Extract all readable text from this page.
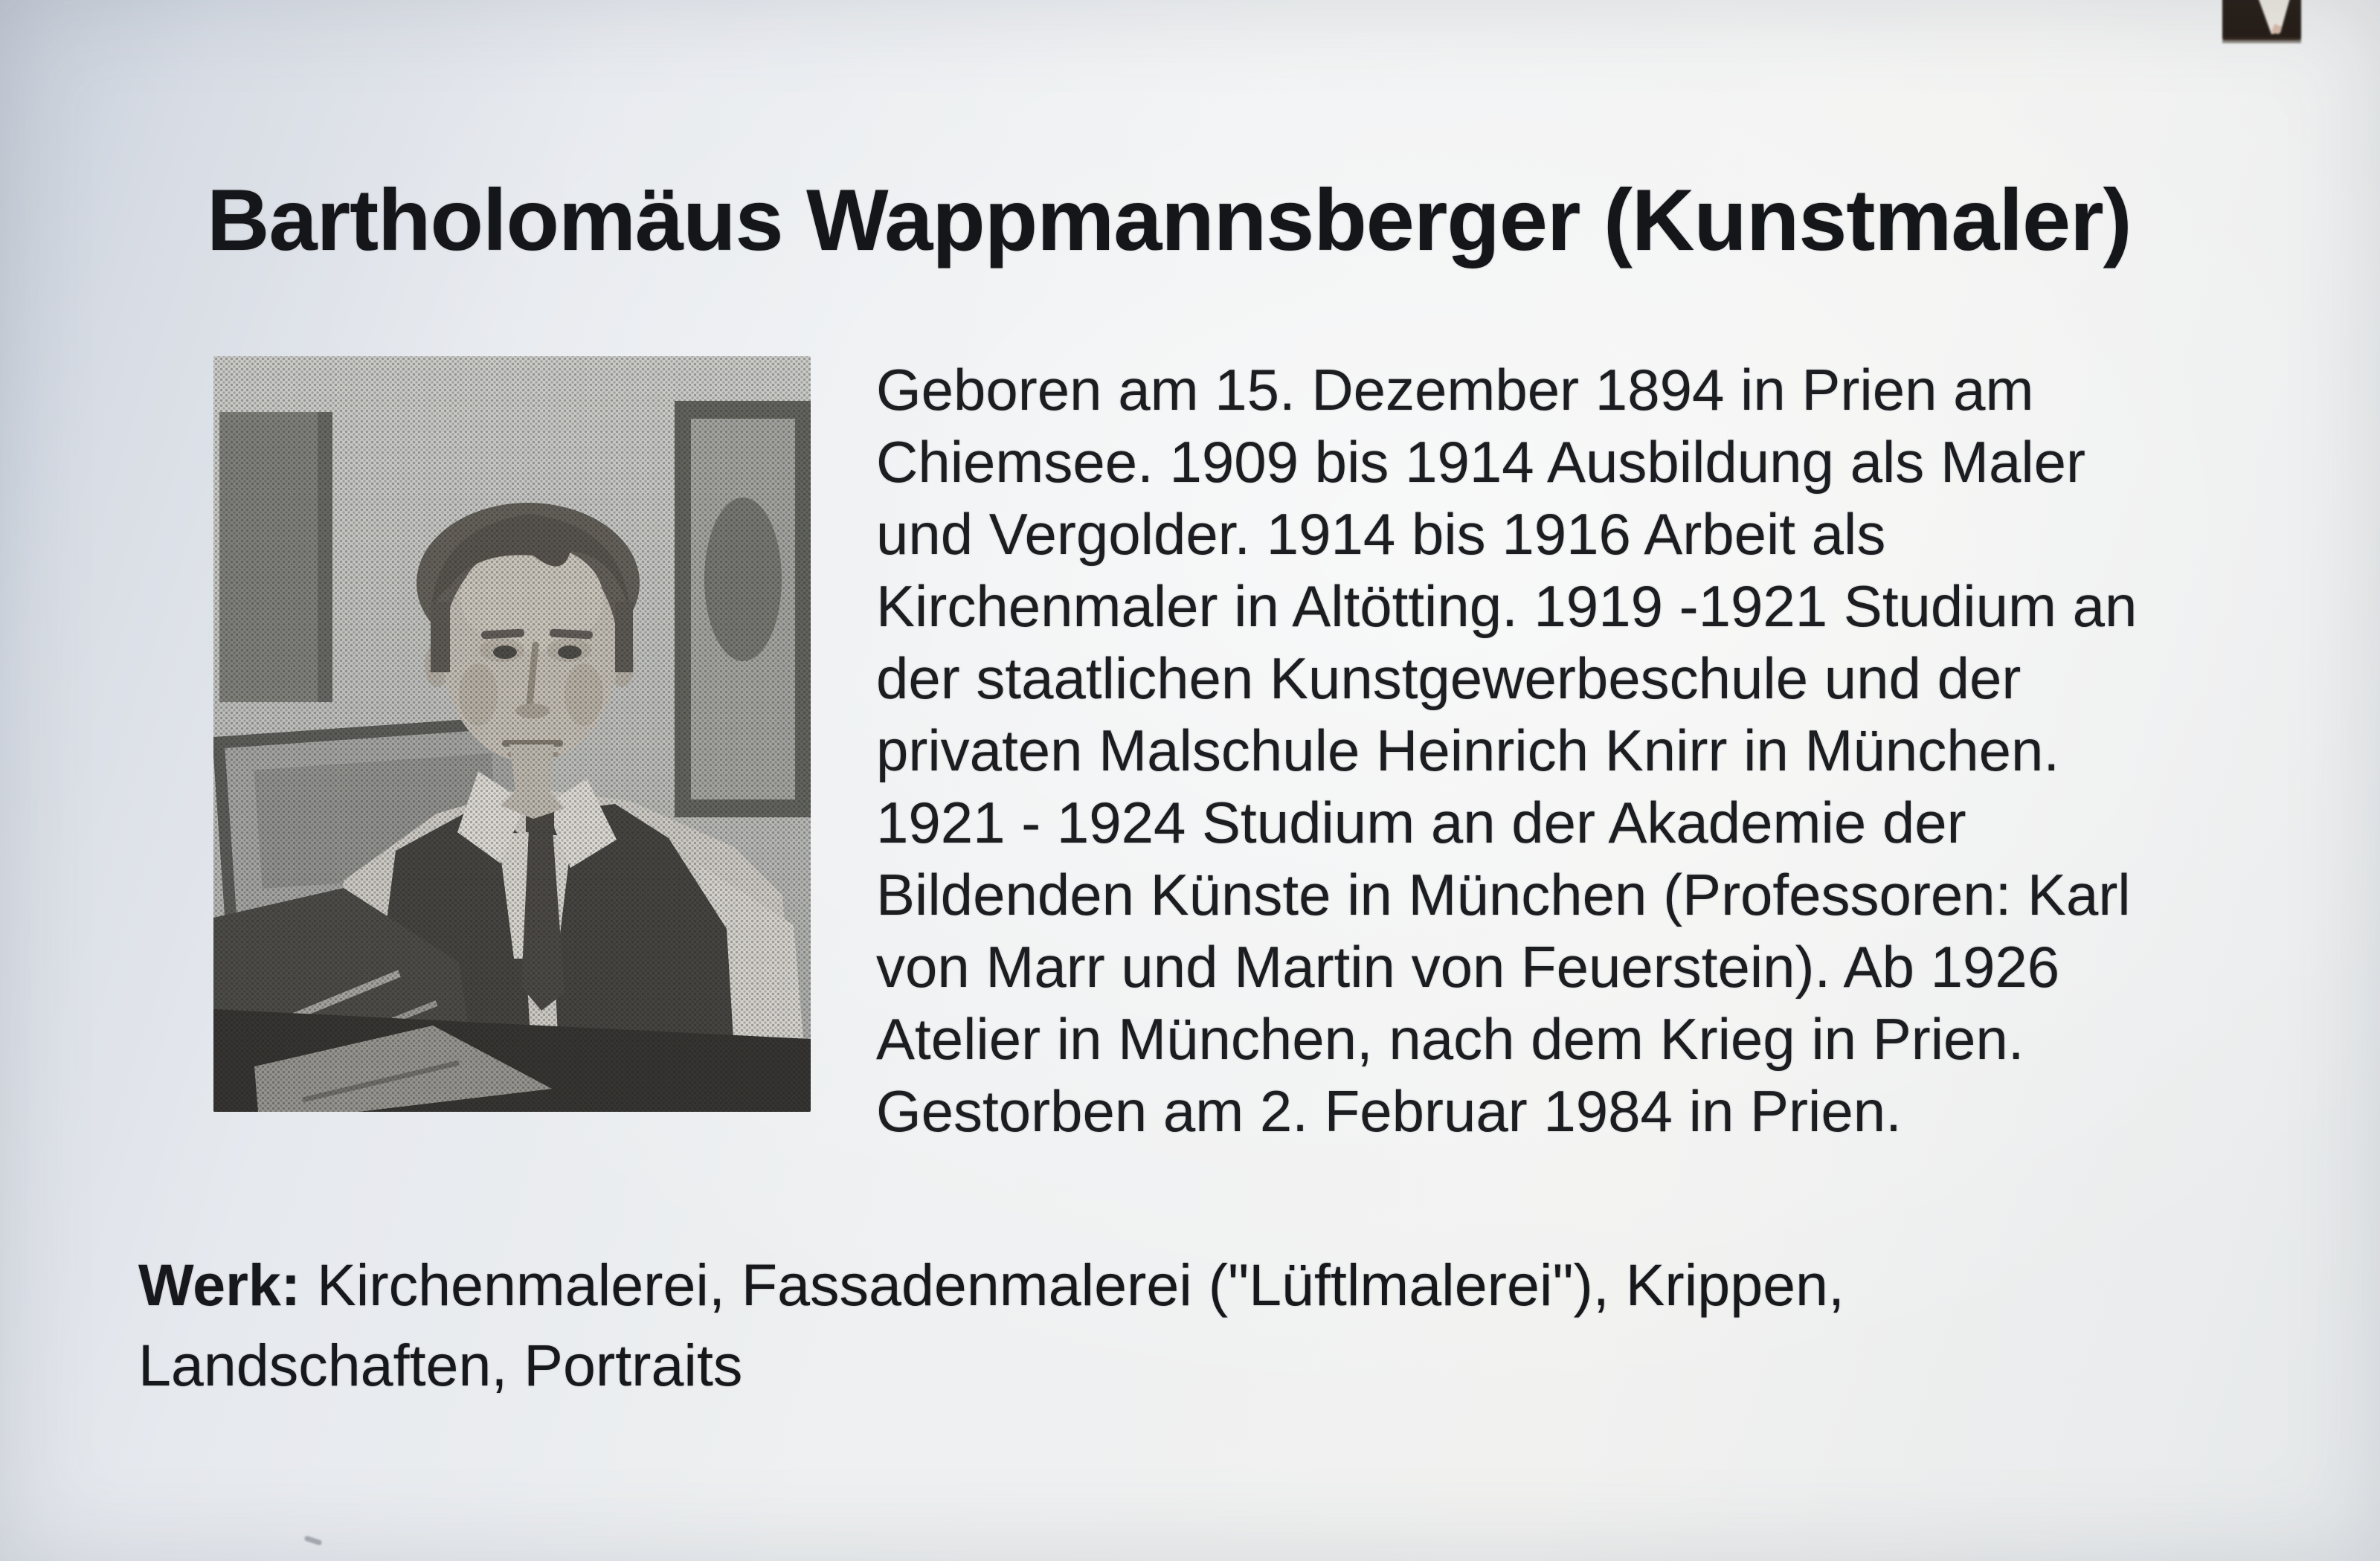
Bartholomäus Wappmannsberger (Kunstmaler)
Geboren am 15. Dezember 1894 in Prien am
Chiemsee. 1909 bis 1914 Ausbildung als Maler
und Vergolder. 1914 bis 1916 Arbeit als
Kirchenmaler in Altötting. 1919 -1921 Studium an
der staatlichen Kunstgewerbeschule und der
privaten Malschule Heinrich Knirr in München.
1921 - 1924 Studium an der Akademie der
Bildenden Künste in München (Professoren: Karl
von Marr und Martin von Feuerstein). Ab 1926
Atelier in München, nach dem Krieg in Prien.
Gestorben am 2. Februar 1984 in Prien.
Werk: Kirchenmalerei, Fassadenmalerei ("Lüftlmalerei"), Krippen,
Landschaften, Portraits
